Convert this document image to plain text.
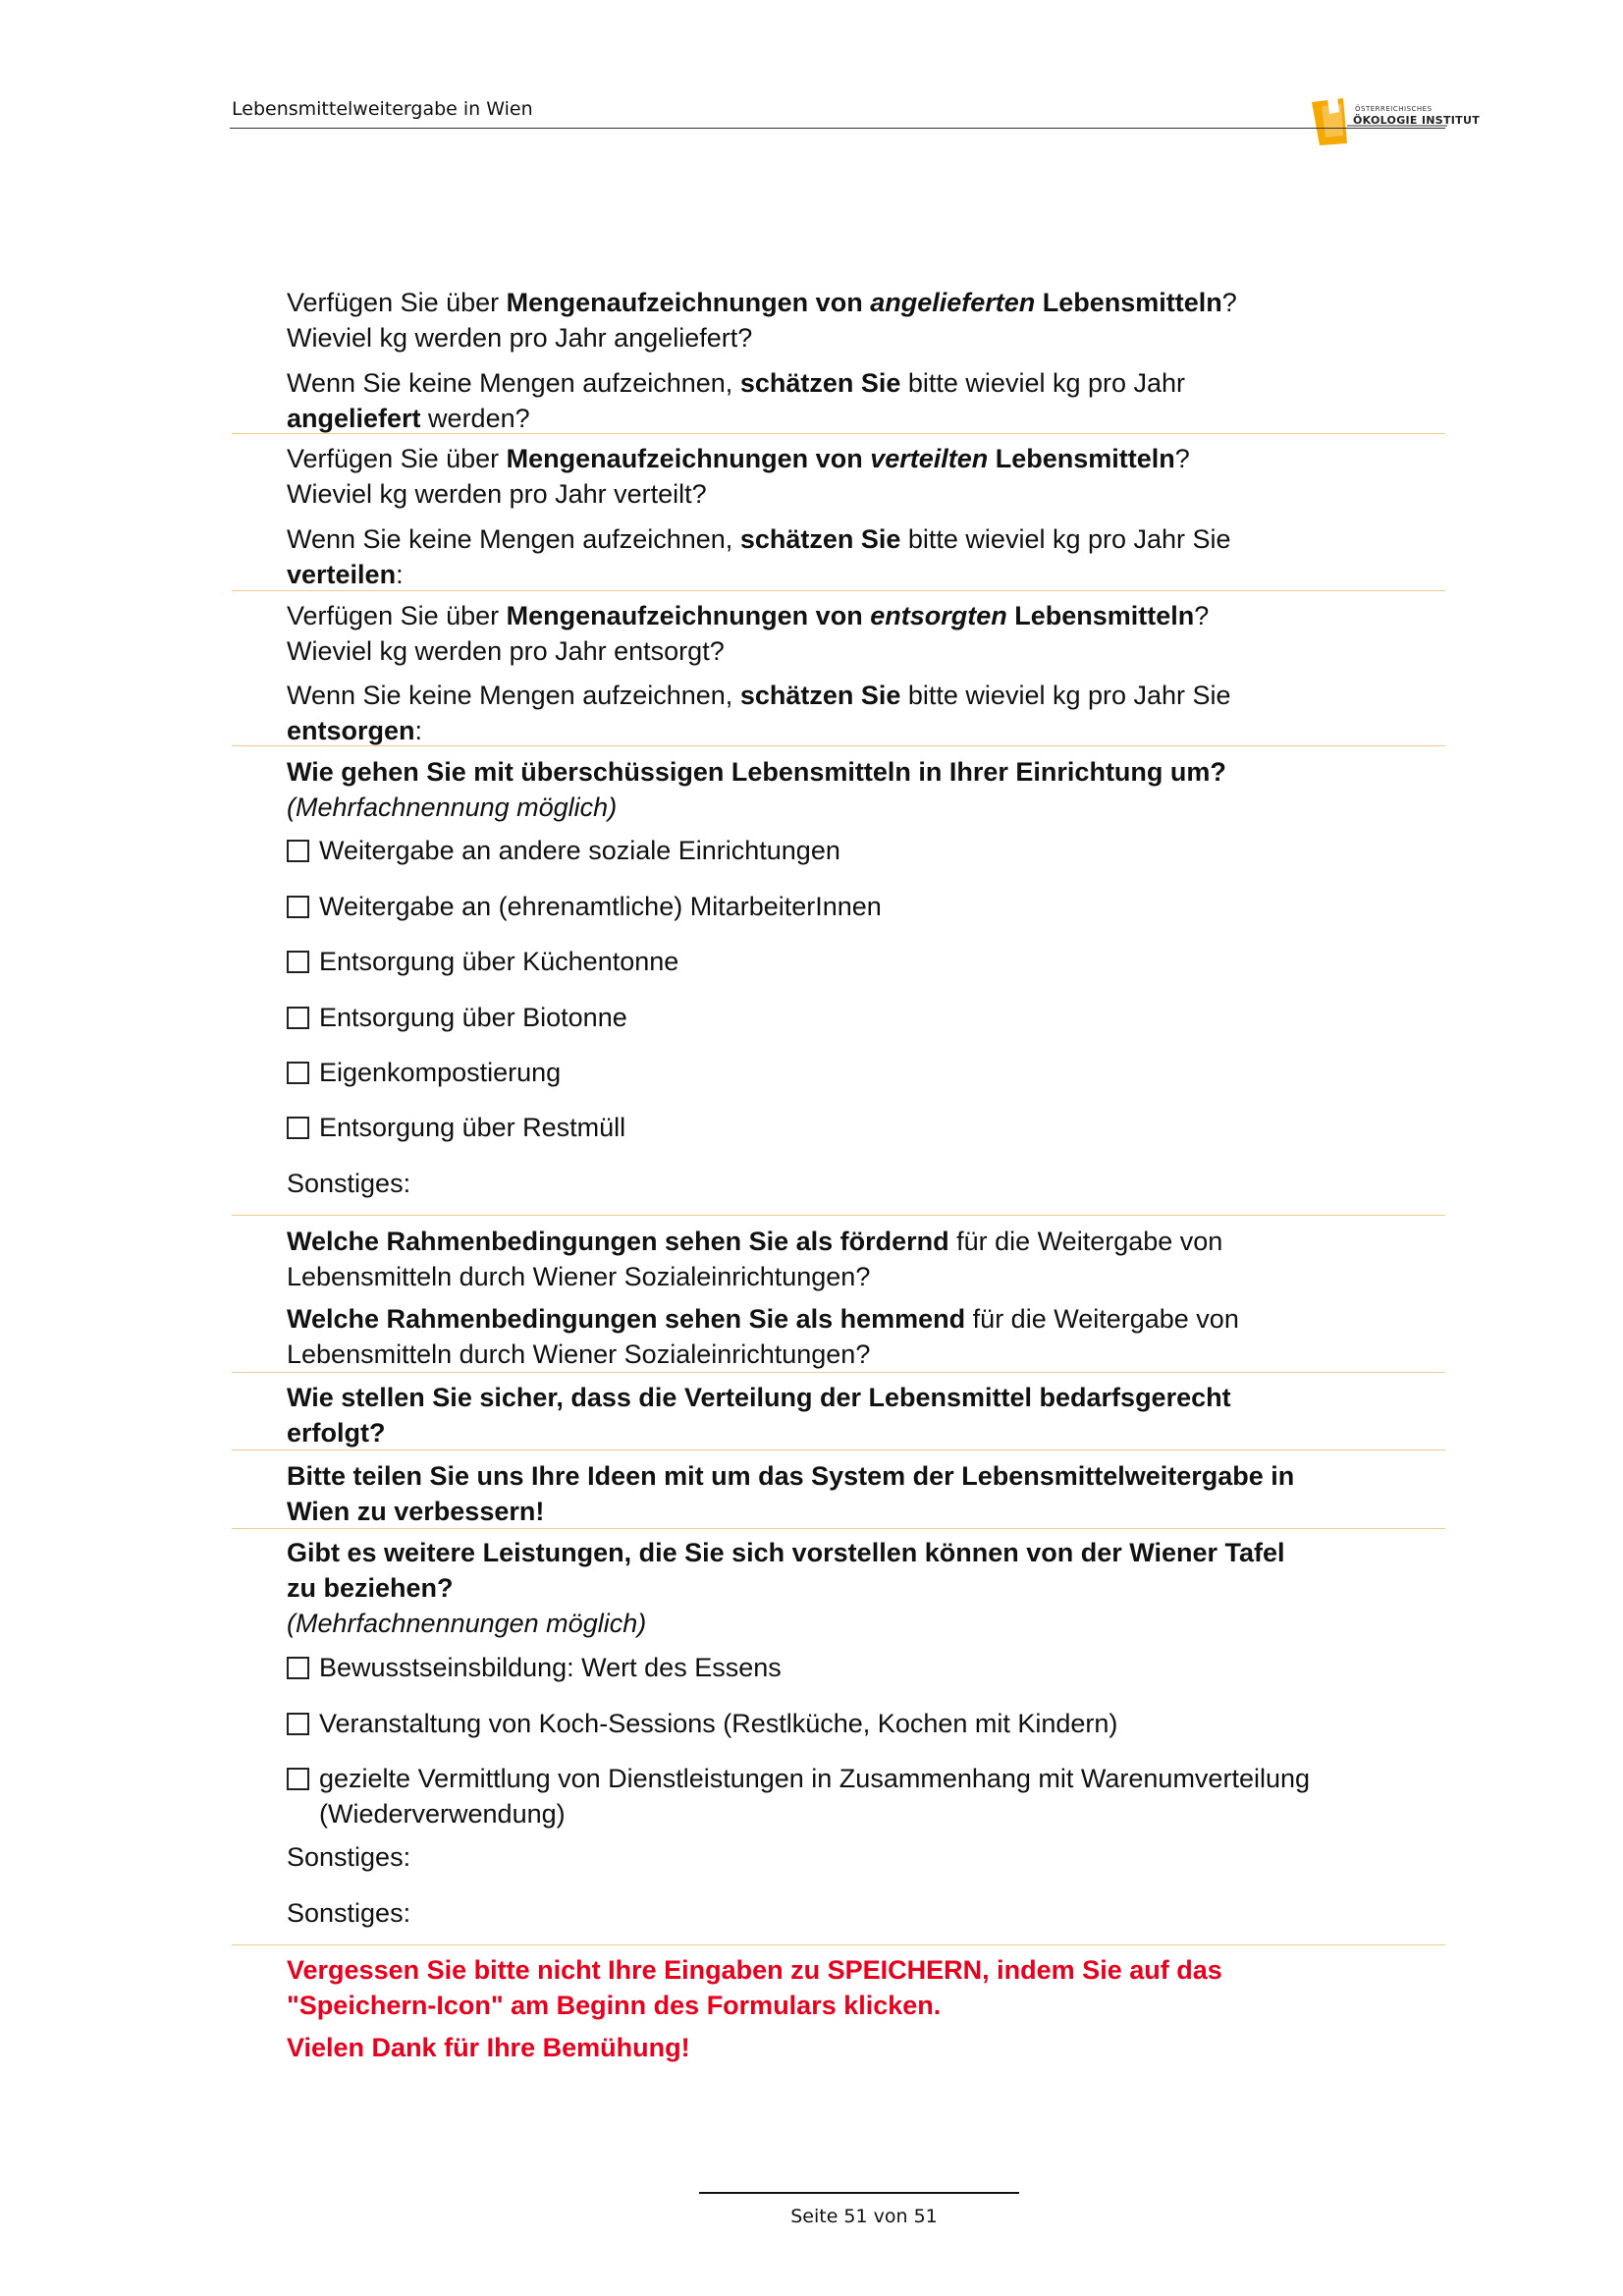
Lebensmittelweitergabe in Wien	ÖSTERREICHISCHES
ÖKOLOGIE INSTITUT
Verfügen Sie über Mengenaufzeichnungen von angelieferten Lebensmitteln?
Wieviel kg werden pro Jahr angeliefert?
Wenn Sie keine Mengen aufzeichnen, schätzen Sie bitte wieviel kg pro Jahr
angeliefert werden?
Verfügen Sie über Mengenaufzeichnungen von verteilten Lebensmitteln?
Wieviel kg werden pro Jahr verteilt?
Wenn Sie keine Mengen aufzeichnen, schätzen Sie bitte wieviel kg pro Jahr Sie
verteilen:
Verfügen Sie über Mengenaufzeichnungen von entsorgten Lebensmitteln?
Wieviel kg werden pro Jahr entsorgt?
Wenn Sie keine Mengen aufzeichnen, schätzen Sie bitte wieviel kg pro Jahr Sie
entsorgen:
Wie gehen Sie mit überschüssigen Lebensmitteln in Ihrer Einrichtung um?
(Mehrfachnennung möglich)
Weitergabe an andere soziale Einrichtungen
Weitergabe an (ehrenamtliche) MitarbeiterInnen
Entsorgung über Küchentonne
Entsorgung über Biotonne
Eigenkompostierung
Entsorgung über Restmüll
Sonstiges:
Welche Rahmenbedingungen sehen Sie als fördernd für die Weitergabe von
Lebensmitteln durch Wiener Sozialeinrichtungen?
Welche Rahmenbedingungen sehen Sie als hemmend für die Weitergabe von
Lebensmitteln durch Wiener Sozialeinrichtungen?
Wie stellen Sie sicher, dass die Verteilung der Lebensmittel bedarfsgerecht
erfolgt?
Bitte teilen Sie uns Ihre Ideen mit um das System der Lebensmittelweitergabe in
Wien zu verbessern!
Gibt es weitere Leistungen, die Sie sich vorstellen können von der Wiener Tafel
zu beziehen?
(Mehrfachnennungen möglich)
Bewusstseinsbildung: Wert des Essens
Veranstaltung von Koch-Sessions (Restlküche, Kochen mit Kindern)
gezielte Vermittlung von Dienstleistungen in Zusammenhang mit Warenumverteilung
(Wiederverwendung)
Sonstiges:
Sonstiges:
Vergessen Sie bitte nicht Ihre Eingaben zu SPEICHERN, indem Sie auf das
"Speichern-Icon" am Beginn des Formulars klicken.
Vielen Dank für Ihre Bemühung!
Seite 51 von 51
